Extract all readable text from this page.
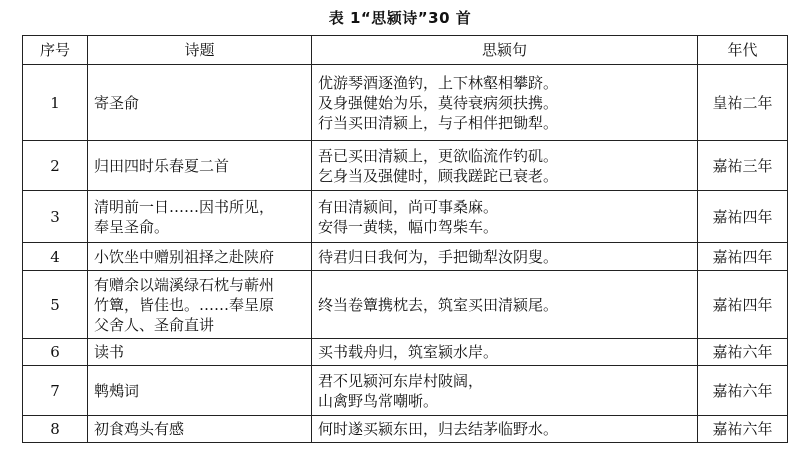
表 1“思颍诗”30 首
序号	诗题	思颍句	年代
1	寄圣俞	优游琴酒逐渔钓，上下林壑相攀跻。
及身强健始为乐，莫待衰病须扶携。
行当买田清颍上，与子相伴把锄犁。	皇祐二年
2	归田四时乐春夏二首	吾已买田清颍上，更欲临流作钓矶。
乞身当及强健时，顾我蹉跎已衰老。	嘉祐三年
3	清明前一日……因书所见，
奉呈圣俞。	有田清颍间，尚可事桑麻。
安得一黄犊，幅巾驾柴车。	嘉祐四年
4	小饮坐中赠别祖择之赴陕府	待君归日我何为，手把锄犁汝阴叟。	嘉祐四年
5	有赠余以端溪绿石枕与蕲州
竹簟，皆佳也。……奉呈原
父舍人、圣俞直讲	终当卷簟携枕去，筑室买田清颍尾。	嘉祐四年
6	读书	买书载舟归，筑室颍水岸。	嘉祐六年
7	鹎鵊词	君不见颍河东岸村陂阔，
山禽野鸟常嘲哳。	嘉祐六年
8	初食鸡头有感	何时遂买颍东田，归去结茅临野水。	嘉祐六年
